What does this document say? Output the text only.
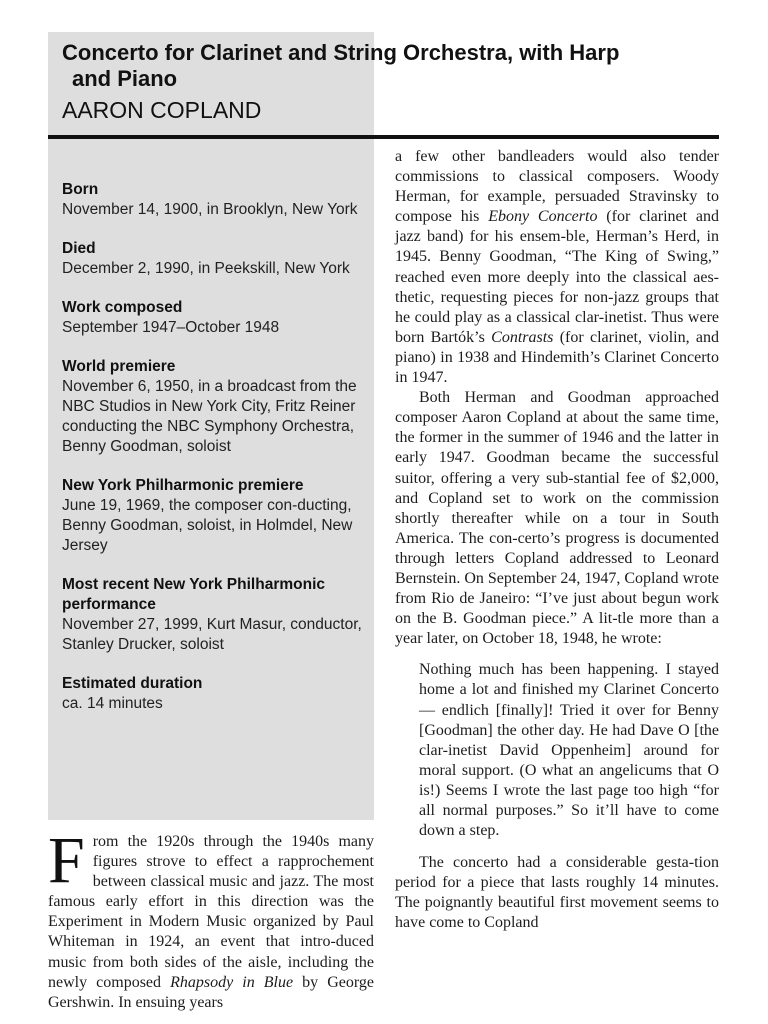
Concerto for Clarinet and String Orchestra, with Harp
and Piano
AARON COPLAND
Born
November 14, 1900, in Brooklyn, New York
Died
December 2, 1990, in Peekskill, New York
Work composed
September 1947–October 1948
World premiere
November 6, 1950, in a broadcast from the NBC Studios in New York City, Fritz Reiner conducting the NBC Symphony Orchestra, Benny Goodman, soloist
New York Philharmonic premiere
June 19, 1969, the composer con-ducting, Benny Goodman, soloist, in Holmdel, New Jersey
Most recent New York Philharmonic performance
November 27, 1999, Kurt Masur, conductor, Stanley Drucker, soloist
Estimated duration
ca. 14 minutes

From the 1920s through the 1940s many figures strove to effect a rapprochement between classical music and jazz. The most famous early effort in this direction was the Experiment in Modern Music organized by Paul Whiteman in 1924, an event that intro-duced music from both sides of the aisle, including the newly composed Rhapsody in Blue by George Gershwin. In ensuing years

a few other bandleaders would also tender commissions to classical composers. Woody Herman, for example, persuaded Stravinsky to compose his Ebony Concerto (for clarinet and jazz band) for his ensem-ble, Herman’s Herd, in 1945. Benny Goodman, “The King of Swing,” reached even more deeply into the classical aes-thetic, requesting pieces for non-jazz groups that he could play as a classical clar-inetist. Thus were born Bartók’s Contrasts (for clarinet, violin, and piano) in 1938 and Hindemith’s Clarinet Concerto in 1947.

Both Herman and Goodman approached composer Aaron Copland at about the same time, the former in the summer of 1946 and the latter in early 1947. Goodman became the successful suitor, offering a very sub-stantial fee of $2,000, and Copland set to work on the commission shortly thereafter while on a tour in South America. The con-certo’s progress is documented through letters Copland addressed to Leonard Bernstein. On September 24, 1947, Copland wrote from Rio de Janeiro: “I’ve just about begun work on the B. Goodman piece.” A lit-tle more than a year later, on October 18, 1948, he wrote:

Nothing much has been happening. I stayed home a lot and finished my Clarinet Concerto — endlich [finally]! Tried it over for Benny [Goodman] the other day. He had Dave O [the clar-inetist David Oppenheim] around for moral support. (O what an angelicums that O is!) Seems I wrote the last page too high “for all normal purposes.” So it’ll have to come down a step.

The concerto had a considerable gesta-tion period for a piece that lasts roughly 14 minutes. The poignantly beautiful first movement seems to have come to Copland
